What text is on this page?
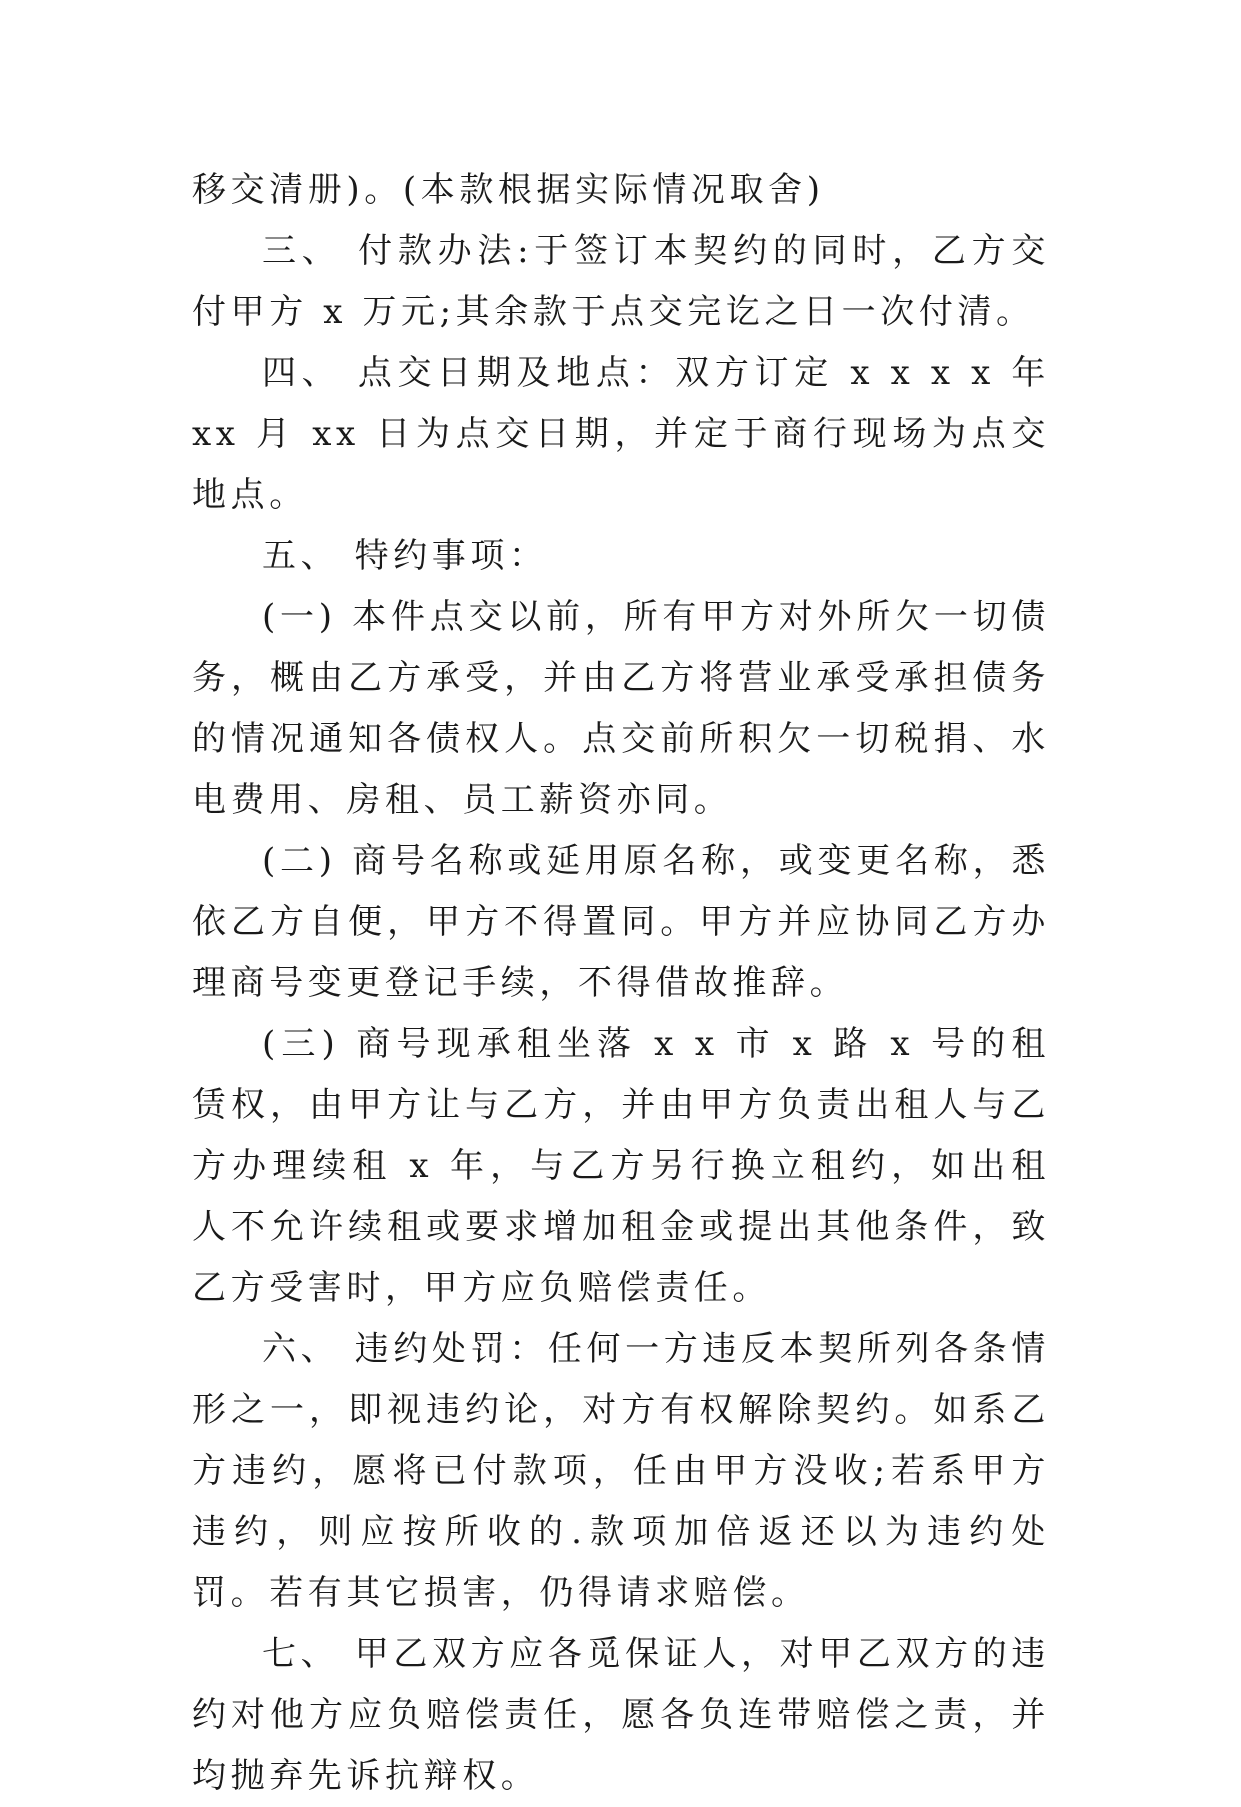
移交清册)。(本款根据实际情况取舍)

三、 付款办法:于签订本契约的同时，乙方交付甲方 x 万元;其余款于点交完讫之日一次付清。

四、 点交日期及地点：双方订定 x x x x 年 xx 月 xx 日为点交日期，并定于商行现场为点交地点。

五、 特约事项：

(一) 本件点交以前，所有甲方对外所欠一切债务，概由乙方承受，并由乙方将营业承受承担债务的情况通知各债权人。点交前所积欠一切税捐、水电费用、房租、员工薪资亦同。

(二) 商号名称或延用原名称，或变更名称，悉依乙方自便，甲方不得置同。甲方并应协同乙方办理商号变更登记手续，不得借故推辞。

(三) 商号现承租坐落 x x 市 x 路 x 号的租赁权，由甲方让与乙方，并由甲方负责出租人与乙方办理续租 x 年，与乙方另行换立租约，如出租人不允许续租或要求增加租金或提出其他条件，致乙方受害时，甲方应负赔偿责任。

六、 违约处罚：任何一方违反本契所列各条情形之一，即视违约论，对方有权解除契约。如系乙方违约，愿将已付款项，任由甲方没收;若系甲方违约，则应按所收的.款项加倍返还以为违约处罚。若有其它损害，仍得请求赔偿。

七、 甲乙双方应各觅保证人，对甲乙双方的违约对他方应负赔偿责任，愿各负连带赔偿之责，并均抛弃先诉抗辩权。
